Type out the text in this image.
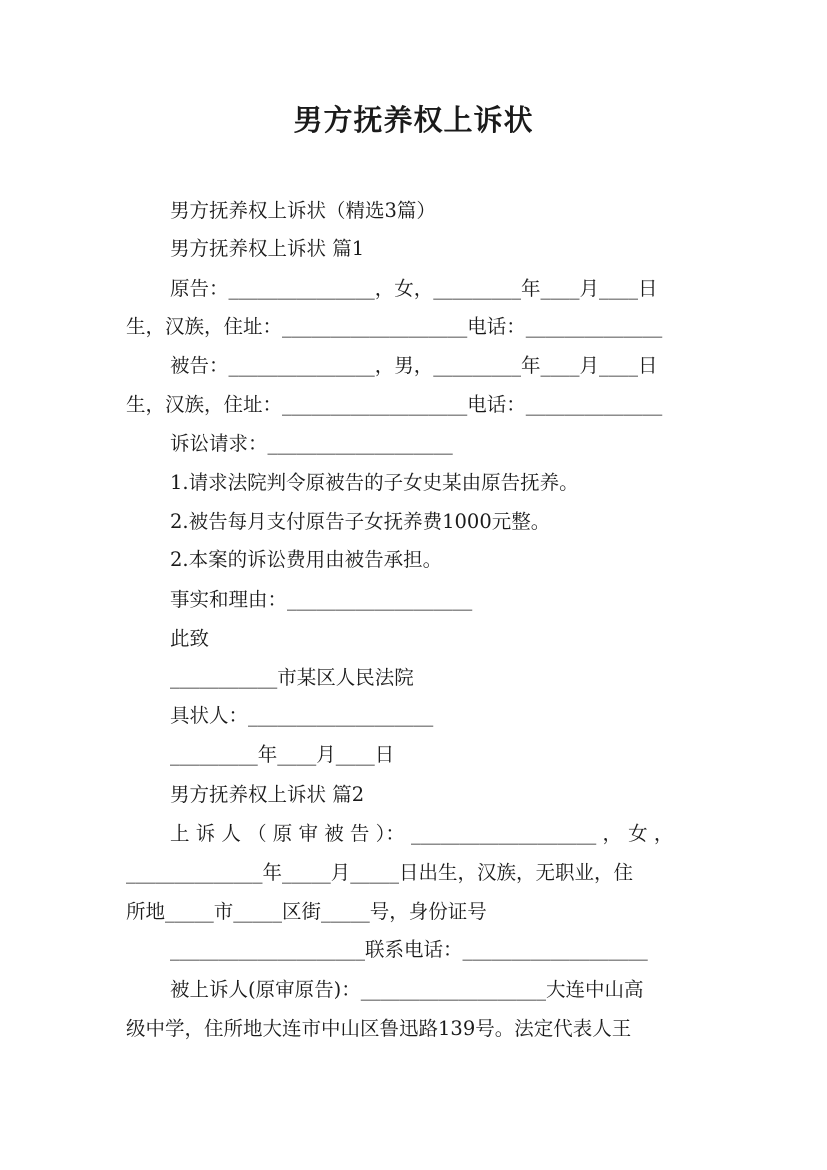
男方抚养权上诉状
男方抚养权上诉状（精选3篇）
男方抚养权上诉状 篇1
原告：_______________，女，_________年____月____日
生，汉族，住址：___________________电话：______________
被告：_______________，男，_________年____月____日
生，汉族，住址：___________________电话：______________
诉讼请求：___________________
1.请求法院判令原被告的子女史某由原告抚养。
2.被告每月支付原告子女抚养费1000元整。
2.本案的诉讼费用由被告承担。
事实和理由：___________________
此致
___________市某区人民法院
具状人：___________________
_________年____月____日
男方抚养权上诉状 篇2
上 诉 人 （ 原 审 被 告 ）： ___________________ ， 女 ，
______________年_____月_____日出生，汉族，无职业，住
所地_____市_____区街_____号，身份证号
____________________联系电话：___________________
被上诉人(原审原告)：___________________大连中山高
级中学，住所地大连市中山区鲁迅路139号。法定代表人王
